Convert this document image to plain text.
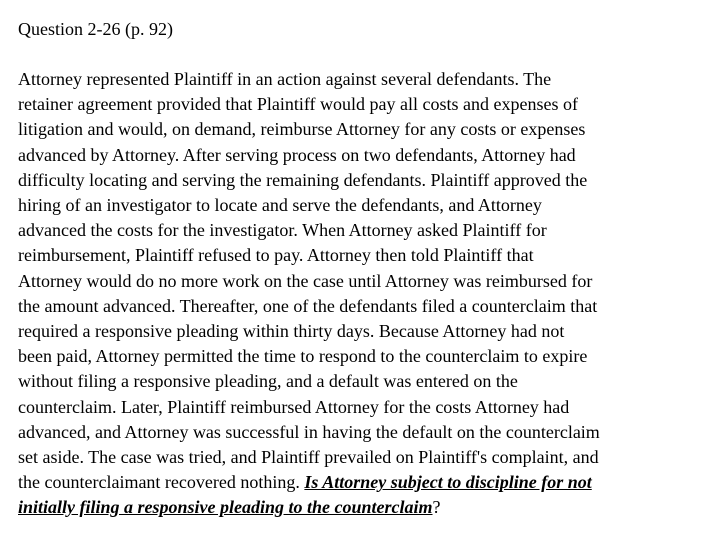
Question 2-26 (p. 92)
Attorney represented Plaintiff in an action against several defendants. The
retainer agreement provided that Plaintiff would pay all costs and expenses of
litigation and would, on demand, reimburse Attorney for any costs or expenses
advanced by Attorney. After serving process on two defendants, Attorney had
difficulty locating and serving the remaining defendants. Plaintiff approved the
hiring of an investigator to locate and serve the defendants, and Attorney
advanced the costs for the investigator. When Attorney asked Plaintiff for
reimbursement, Plaintiff refused to pay. Attorney then told Plaintiff that
Attorney would do no more work on the case until Attorney was reimbursed for
the amount advanced. Thereafter, one of the defendants filed a counterclaim that
required a responsive pleading within thirty days. Because Attorney had not
been paid, Attorney permitted the time to respond to the counterclaim to expire
without filing a responsive pleading, and a default was entered on the
counterclaim. Later, Plaintiff reimbursed Attorney for the costs Attorney had
advanced, and Attorney was successful in having the default on the counterclaim
set aside. The case was tried, and Plaintiff prevailed on Plaintiff's complaint, and
the counterclaimant recovered nothing. Is Attorney subject to discipline for not
initially filing a responsive pleading to the counterclaim?
